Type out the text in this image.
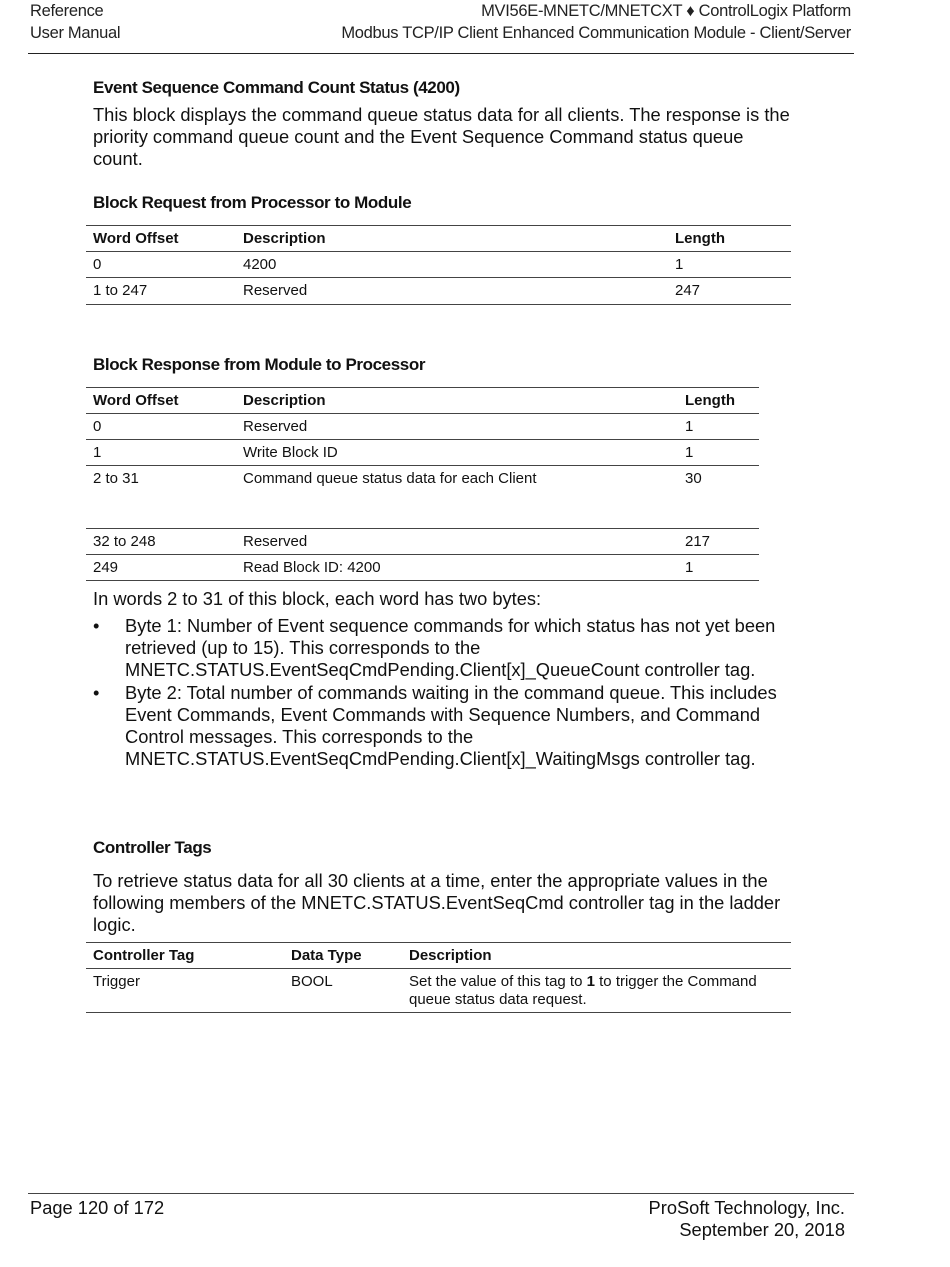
Reference
User Manual
MVI56E-MNETC/MNETCXT ♦ ControlLogix Platform
Modbus TCP/IP Client Enhanced Communication Module - Client/Server
Event Sequence Command Count Status (4200)
This block displays the command queue status data for all clients. The response is the priority command queue count and the Event Sequence Command status queue count.
Block Request from Processor to Module
Word Offset	Description	Length
0	4200	1
1 to 247	Reserved	247
Block Response from Module to Processor
Word Offset	Description	Length
0	Reserved	1
1	Write Block ID	1
2 to 31	Command queue status data for each Client	30
32 to 248	Reserved	217
249	Read Block ID: 4200	1
In words 2 to 31 of this block, each word has two bytes:
• Byte 1: Number of Event sequence commands for which status has not yet been retrieved (up to 15). This corresponds to the MNETC.STATUS.EventSeqCmdPending.Client[x]_QueueCount controller tag.
• Byte 2: Total number of commands waiting in the command queue. This includes Event Commands, Event Commands with Sequence Numbers, and Command Control messages. This corresponds to the MNETC.STATUS.EventSeqCmdPending.Client[x]_WaitingMsgs controller tag.
Controller Tags
To retrieve status data for all 30 clients at a time, enter the appropriate values in the following members of the MNETC.STATUS.EventSeqCmd controller tag in the ladder logic.
Controller Tag	Data Type	Description
Trigger	BOOL	Set the value of this tag to 1 to trigger the Command queue status data request.
Page 120 of 172	ProSoft Technology, Inc.
September 20, 2018
